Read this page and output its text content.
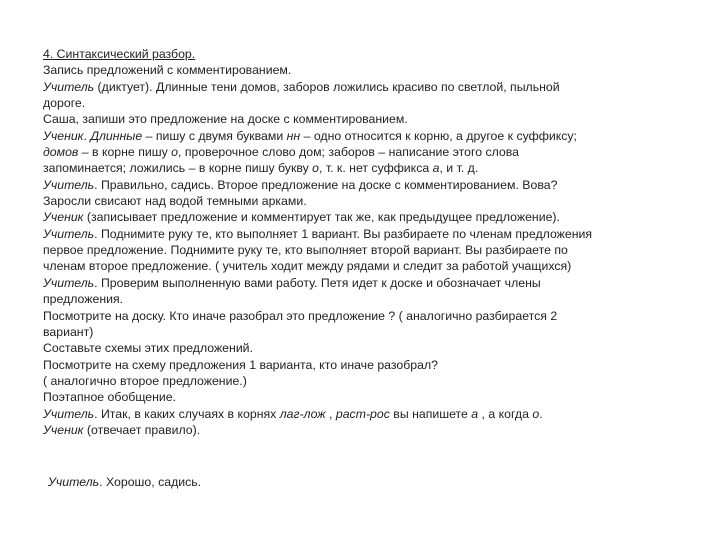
4. Синтаксический разбор.
Запись предложений с комментированием.
Учитель (диктует). Длинные тени домов, заборов ложились красиво по светлой, пыльной
дороге.
Саша, запиши это предложение на доске с комментированием.
Ученик. Длинные – пишу с двумя буквами нн – одно относится к корню, а другое к суффиксу;
домов – в корне пишу о, проверочное слово дом; заборов – написание этого слова
запоминается; ложились – в корне пишу букву о, т. к. нет суффикса а, и т. д.
Учитель. Правильно, садись. Второе предложение на доске с комментированием. Вова?
Заросли свисают над водой темными арками.
Ученик (записывает предложение и комментирует так же, как предыдущее предложение).
Учитель. Поднимите руку те, кто выполняет 1 вариант. Вы разбираете по членам предложения
первое предложение. Поднимите руку те, кто выполняет второй вариант. Вы разбираете по
членам второе предложение. ( учитель ходит между рядами и следит за работой учащихся)
Учитель. Проверим выполненную вами работу. Петя идет к доске и обозначает члены
предложения.
Посмотрите на доску. Кто иначе разобрал это предложение ? ( аналогично разбирается 2
вариант)
Составьте схемы этих предложений.
Посмотрите на схему предложения 1 варианта, кто иначе разобрал?
( аналогично второе предложение.)
Поэтапное обобщение.
Учитель. Итак, в каких случаях в корнях лаг-лож , раст-рос вы напишете а , а когда о.
Ученик (отвечает правило).
Учитель. Хорошо, садись.
